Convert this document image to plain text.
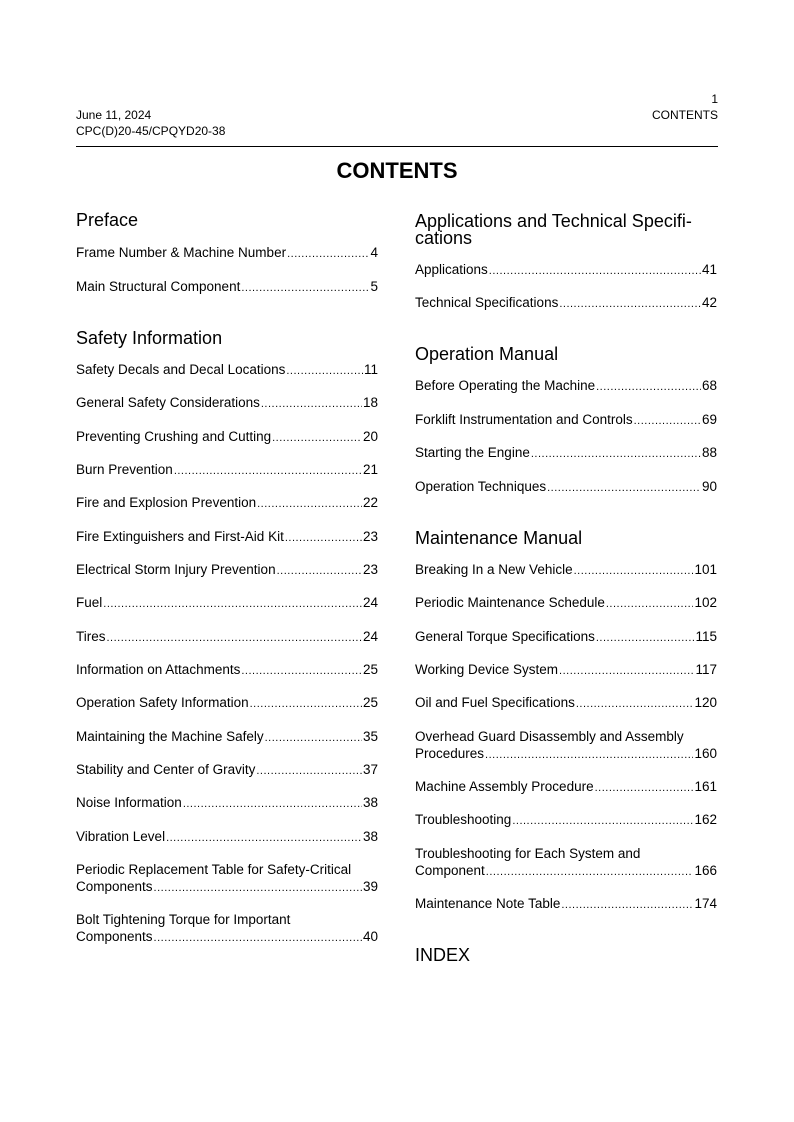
June 11, 2024
CPC(D)20-45/CPQYD20-38
1
CONTENTS
CONTENTS
Preface
Frame Number & Machine Number .....	4
Main Structural Component .....	5
Safety Information
Safety Decals and Decal Locations .....	11
General Safety Considerations .....	18
Preventing Crushing and Cutting .....	20
Burn Prevention .....	21
Fire and Explosion Prevention .....	22
Fire Extinguishers and First-Aid Kit .....	23
Electrical Storm Injury Prevention .....	23
Fuel .....	24
Tires .....	24
Information on Attachments .....	25
Operation Safety Information .....	25
Maintaining the Machine Safely .....	35
Stability and Center of Gravity .....	37
Noise Information .....	38
Vibration Level .....	38
Periodic Replacement Table for Safety-Critical
Components .....	39
Bolt Tightening Torque for Important
Components .....	40
Applications and Technical Specifi-
cations
Applications .....	41
Technical Specifications .....	42
Operation Manual
Before Operating the Machine .....	68
Forklift Instrumentation and Controls .....	69
Starting the Engine .....	88
Operation Techniques .....	90
Maintenance Manual
Breaking In a New Vehicle .....	101
Periodic Maintenance Schedule .....	102
General Torque Specifications .....	115
Working Device System .....	117
Oil and Fuel Specifications .....	120
Overhead Guard Disassembly and Assembly
Procedures .....	160
Machine Assembly Procedure .....	161
Troubleshooting .....	162
Troubleshooting for Each System and
Component .....	166
Maintenance Note Table .....	174
INDEX
